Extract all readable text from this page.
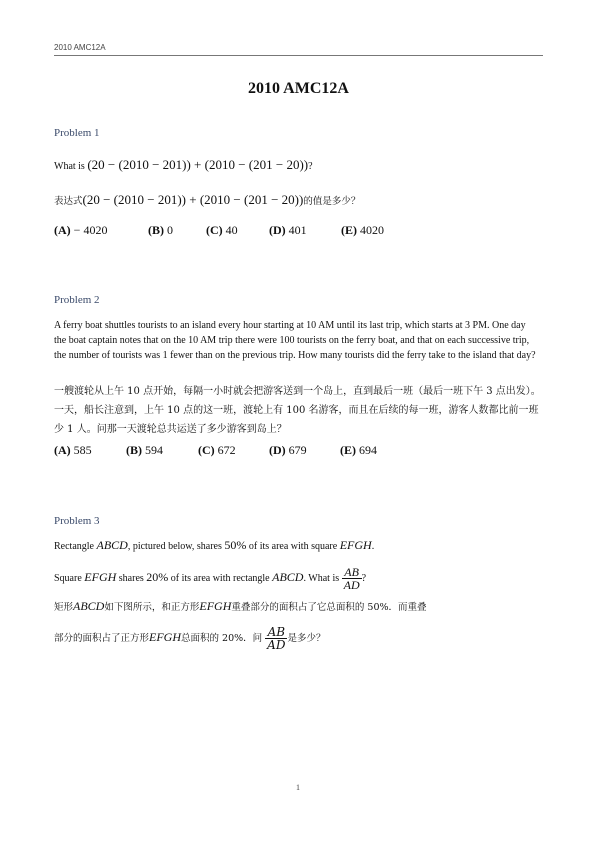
2010 AMC12A
2010 AMC12A
Problem 1
What is (20 − (2010 − 201)) + (2010 − (201 − 20))?
表达式(20 − (2010 − 201)) + (2010 − (201 − 20))的值是多少？
(A) − 4020	(B) 0	(C) 40	(D) 401	(E) 4020
Problem 2
A ferry boat shuttles tourists to an island every hour starting at 10 AM until its last trip, which starts at 3 PM. One day the boat captain notes that on the 10 AM trip there were 100 tourists on the ferry boat, and that on each successive trip, the number of tourists was 1 fewer than on the previous trip. How many tourists did the ferry take to the island that day?
一艘渡轮从上午 10 点开始，每隔一小时就会把游客送到一个岛上，直到最后一班（最后一班下午 3 点出发）。一天，船长注意到，上午 10 点的这一班，渡轮上有 100 名游客，而且在后续的每一班，游客人数都比前一班少 1 人。问那一天渡轮总共运送了多少游客到岛上？
(A) 585	(B) 594	(C) 672	(D) 679	(E) 694
Problem 3
Rectangle ABCD, pictured below, shares 50% of its area with square EFGH.
Square EFGH shares 20% of its area with rectangle ABCD. What is $\frac{AB}{AD}$ ?
矩形ABCD如下图所示，和正方形EFGH重叠部分的面积占了它总面积的 50%．而重叠
部分的面积占了正方形EFGH总面积的 20%．问 $\frac{AB}{AD}$ 是多少？
1
